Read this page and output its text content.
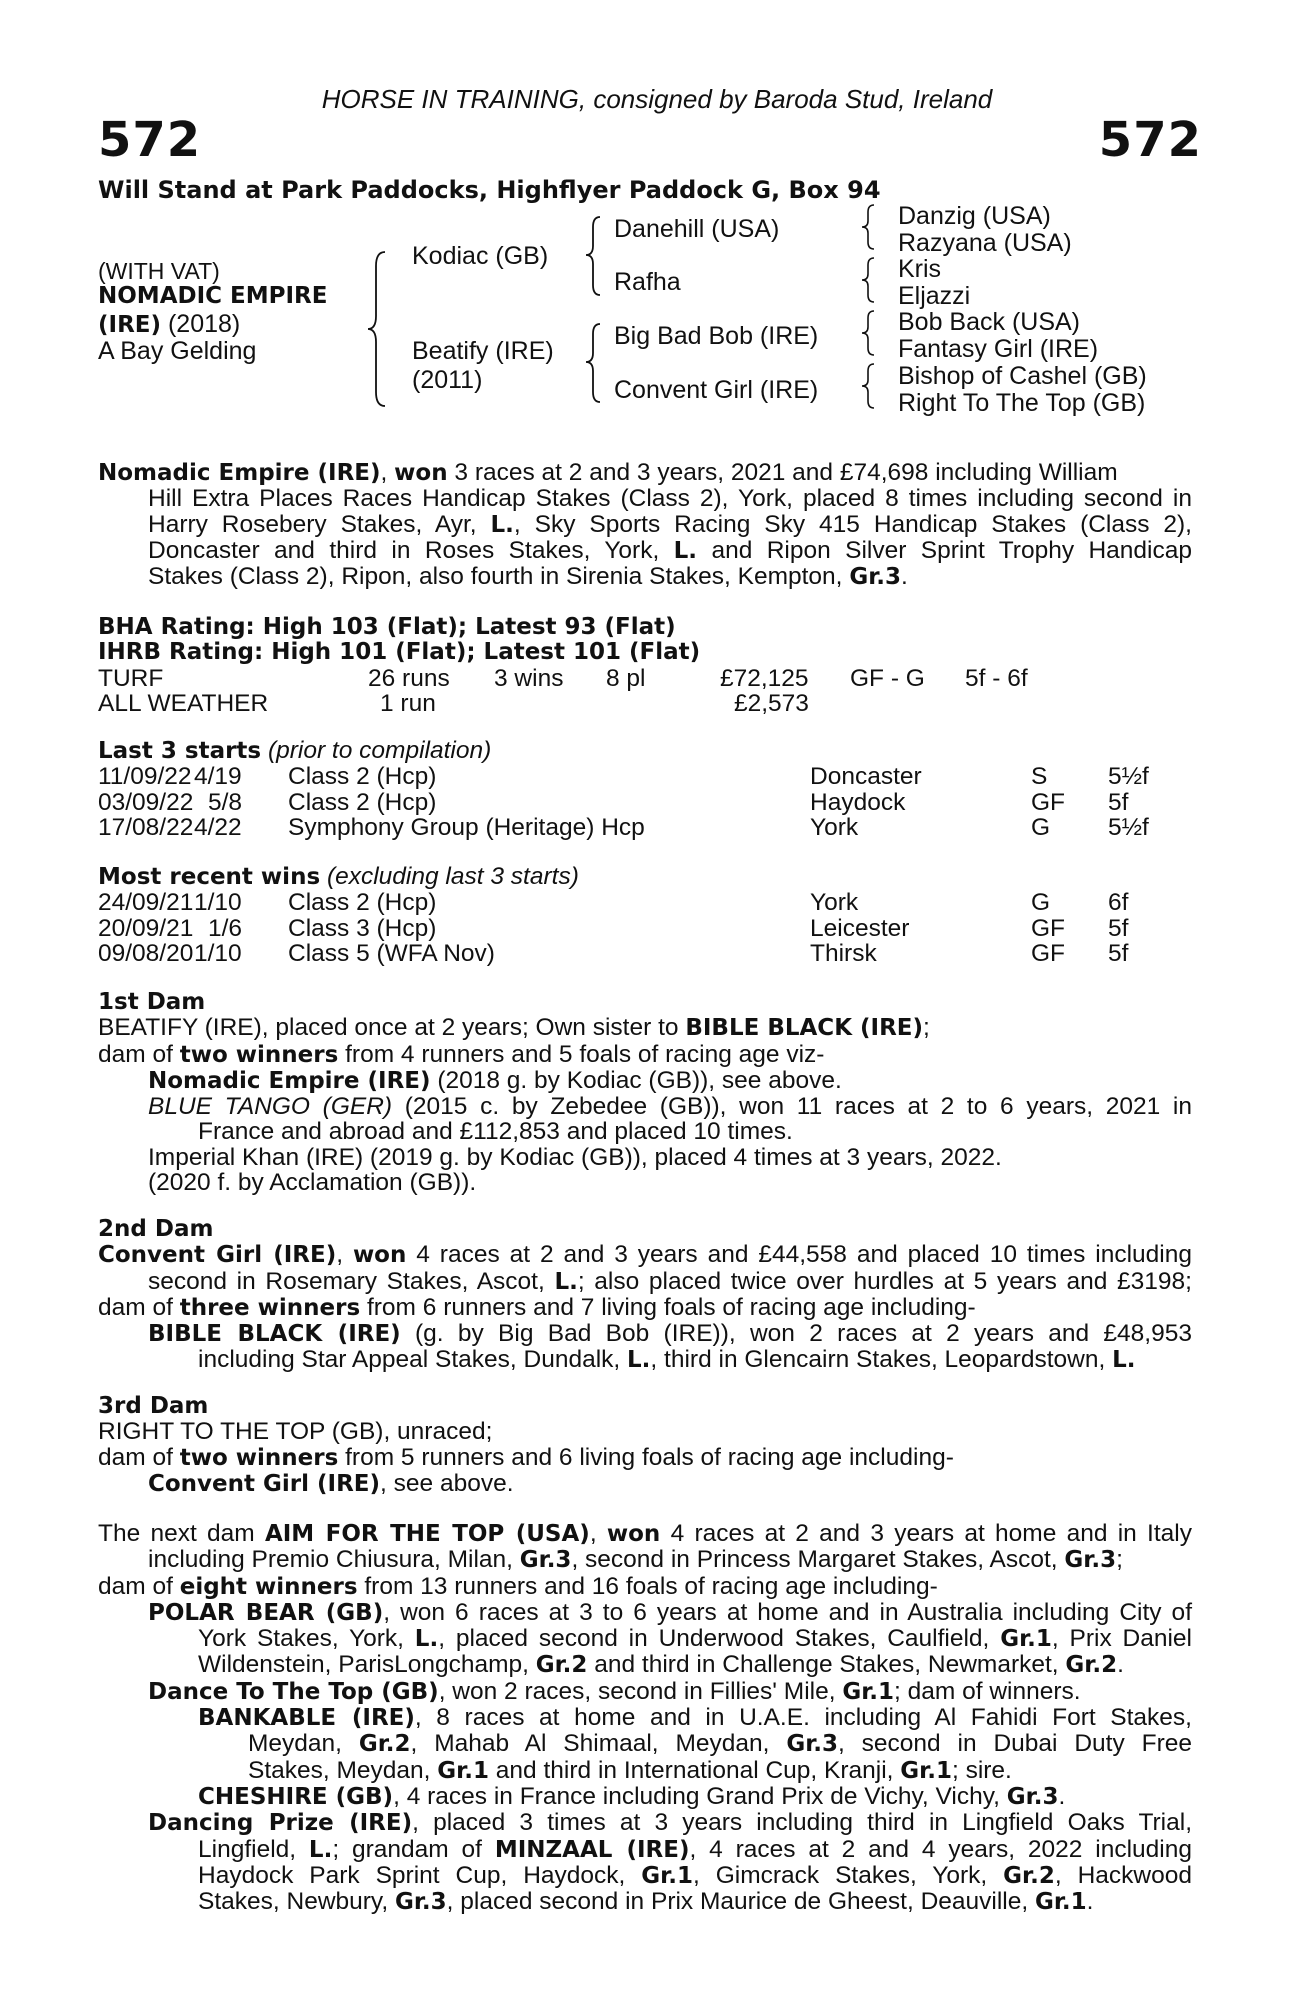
HORSE IN TRAINING, consigned by Baroda Stud, Ireland
572	572
Will Stand at Park Paddocks, Highflyer Paddock G, Box 94
(WITH VAT)
NOMADIC EMPIRE
(IRE) (2018)
A Bay Gelding
Kodiac (GB)
Beatify (IRE)
(2011)
Danehill (USA)
Rafha
Big Bad Bob (IRE)
Convent Girl (IRE)
Danzig (USA)
Razyana (USA)
Kris
Eljazzi
Bob Back (USA)
Fantasy Girl (IRE)
Bishop of Cashel (GB)
Right To The Top (GB)
Nomadic Empire (IRE), won 3 races at 2 and 3 years, 2021 and £74,698 including William
Hill Extra Places Races Handicap Stakes (Class 2), York, placed 8 times including second in
Harry Rosebery Stakes, Ayr, L., Sky Sports Racing Sky 415 Handicap Stakes (Class 2),
Doncaster and third in Roses Stakes, York, L. and Ripon Silver Sprint Trophy Handicap
Stakes (Class 2), Ripon, also fourth in Sirenia Stakes, Kempton, Gr.3.
BHA Rating: High 103 (Flat); Latest 93 (Flat)
IHRB Rating: High 101 (Flat); Latest 101 (Flat)
TURF	26 runs 3 wins 8 pl	£72,125 GF - G 5f - 6f
ALL WEATHER	1 run	£2,573
Last 3 starts (prior to compilation)
11/09/22 4/19 Class 2 (Hcp)	Doncaster	S 5½f
03/09/22 5/8 Class 2 (Hcp)	Haydock	GF 5f
17/08/22 4/22 Symphony Group (Heritage) Hcp	York	G 5½f
Most recent wins (excluding last 3 starts)
24/09/21 1/10 Class 2 (Hcp)	York	G 6f
20/09/21 1/6 Class 3 (Hcp)	Leicester	GF 5f
09/08/20 1/10 Class 5 (WFA Nov)	Thirsk	GF 5f
1st Dam
BEATIFY (IRE), placed once at 2 years; Own sister to BIBLE BLACK (IRE);
dam of two winners from 4 runners and 5 foals of racing age viz-
Nomadic Empire (IRE) (2018 g. by Kodiac (GB)), see above.
BLUE TANGO (GER) (2015 c. by Zebedee (GB)), won 11 races at 2 to 6 years, 2021 in
France and abroad and £112,853 and placed 10 times.
Imperial Khan (IRE) (2019 g. by Kodiac (GB)), placed 4 times at 3 years, 2022.
(2020 f. by Acclamation (GB)).
2nd Dam
Convent Girl (IRE), won 4 races at 2 and 3 years and £44,558 and placed 10 times including
second in Rosemary Stakes, Ascot, L.; also placed twice over hurdles at 5 years and £3198;
dam of three winners from 6 runners and 7 living foals of racing age including-
BIBLE BLACK (IRE) (g. by Big Bad Bob (IRE)), won 2 races at 2 years and £48,953
including Star Appeal Stakes, Dundalk, L., third in Glencairn Stakes, Leopardstown, L.
3rd Dam
RIGHT TO THE TOP (GB), unraced;
dam of two winners from 5 runners and 6 living foals of racing age including-
Convent Girl (IRE), see above.
The next dam AIM FOR THE TOP (USA), won 4 races at 2 and 3 years at home and in Italy
including Premio Chiusura, Milan, Gr.3, second in Princess Margaret Stakes, Ascot, Gr.3;
dam of eight winners from 13 runners and 16 foals of racing age including-
POLAR BEAR (GB), won 6 races at 3 to 6 years at home and in Australia including City of
York Stakes, York, L., placed second in Underwood Stakes, Caulfield, Gr.1, Prix Daniel
Wildenstein, ParisLongchamp, Gr.2 and third in Challenge Stakes, Newmarket, Gr.2.
Dance To The Top (GB), won 2 races, second in Fillies' Mile, Gr.1; dam of winners.
BANKABLE (IRE), 8 races at home and in U.A.E. including Al Fahidi Fort Stakes,
Meydan, Gr.2, Mahab Al Shimaal, Meydan, Gr.3, second in Dubai Duty Free
Stakes, Meydan, Gr.1 and third in International Cup, Kranji, Gr.1; sire.
CHESHIRE (GB), 4 races in France including Grand Prix de Vichy, Vichy, Gr.3.
Dancing Prize (IRE), placed 3 times at 3 years including third in Lingfield Oaks Trial,
Lingfield, L.; grandam of MINZAAL (IRE), 4 races at 2 and 4 years, 2022 including
Haydock Park Sprint Cup, Haydock, Gr.1, Gimcrack Stakes, York, Gr.2, Hackwood
Stakes, Newbury, Gr.3, placed second in Prix Maurice de Gheest, Deauville, Gr.1.
